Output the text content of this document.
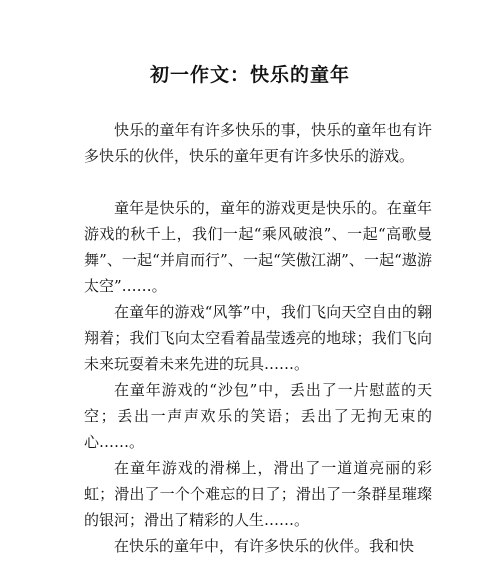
初一作文：快乐的童年

快乐的童年有许多快乐的事，快乐的童年也有许多快乐的伙伴，快乐的童年更有许多快乐的游戏。

童年是快乐的，童年的游戏更是快乐的。在童年游戏的秋千上，我们一起“乘风破浪”、一起“高歌曼舞”、一起“并肩而行”、一起“笑傲江湖”、一起“遨游太空”……。

在童年的游戏“风筝”中，我们飞向天空自由的翱翔着；我们飞向太空看着晶莹透亮的地球；我们飞向未来玩耍着未来先进的玩具……。

在童年游戏的“沙包”中，丢出了一片慰蓝的天空；丢出一声声欢乐的笑语；丢出了无拘无束的心……。

在童年游戏的滑梯上，滑出了一道道亮丽的彩虹；滑出了一个个难忘的日了；滑出了一条群星璀璨的银河；滑出了精彩的人生……。

在快乐的童年中，有许多快乐的伙伴。我和快
